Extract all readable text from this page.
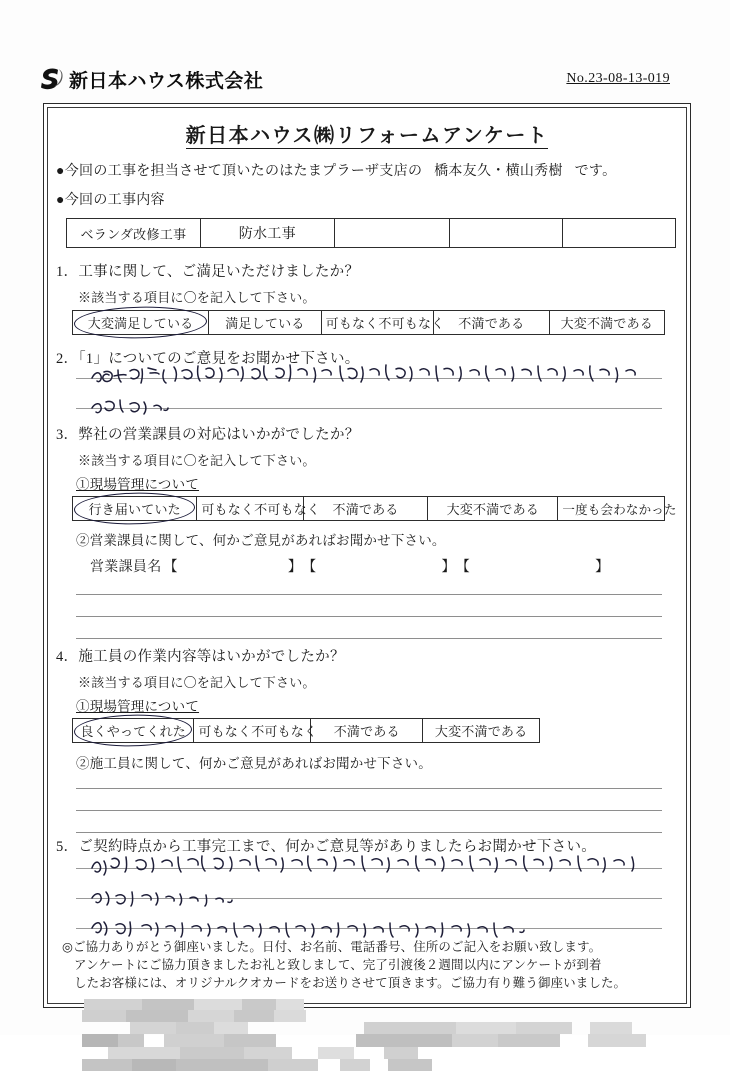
新日本ハウス株式会社	No.23-08-13-019
新日本ハウス㈱リフォームアンケート
●今回の工事を担当させて頂いたのはたまプラーザ支店の 橋本友久・横山秀樹 です。
●今回の工事内容
ベランダ改修工事	防水工事			
1．工事に関して、ご満足いただけましたか？
※該当する項目に〇を記入して下さい。
大変満足している	満足している	可もなく不可もなく	不満である	大変不満である
2．「1」についてのご意見をお聞かせ下さい。
3．弊社の営業課員の対応はいかがでしたか？
※該当する項目に〇を記入して下さい。
①現場管理について
行き届いていた	可もなく不可もなく	不満である	大変不満である	一度も会わなかった
②営業課員に関して、何かご意見があればお聞かせ下さい。
営業課員名 【	】 【	】 【	】
4．施工員の作業内容等はいかがでしたか？
※該当する項目に〇を記入して下さい。
①現場管理について
良くやってくれた	可もなく不可もなく	不満である	大変不満である
②施工員に関して、何かご意見があればお聞かせ下さい。
5．ご契約時点から工事完工まで、何かご意見等がありましたらお聞かせ下さい。
◎ご協力ありがとう御座いました。日付、お名前、電話番号、住所のご記入をお願い致します。
アンケートにご協力頂きましたお礼と致しまして、完了引渡後２週間以内にアンケートが到着
したお客様には、オリジナルクオカードをお送りさせて頂きます。ご協力有り難う御座いました。
